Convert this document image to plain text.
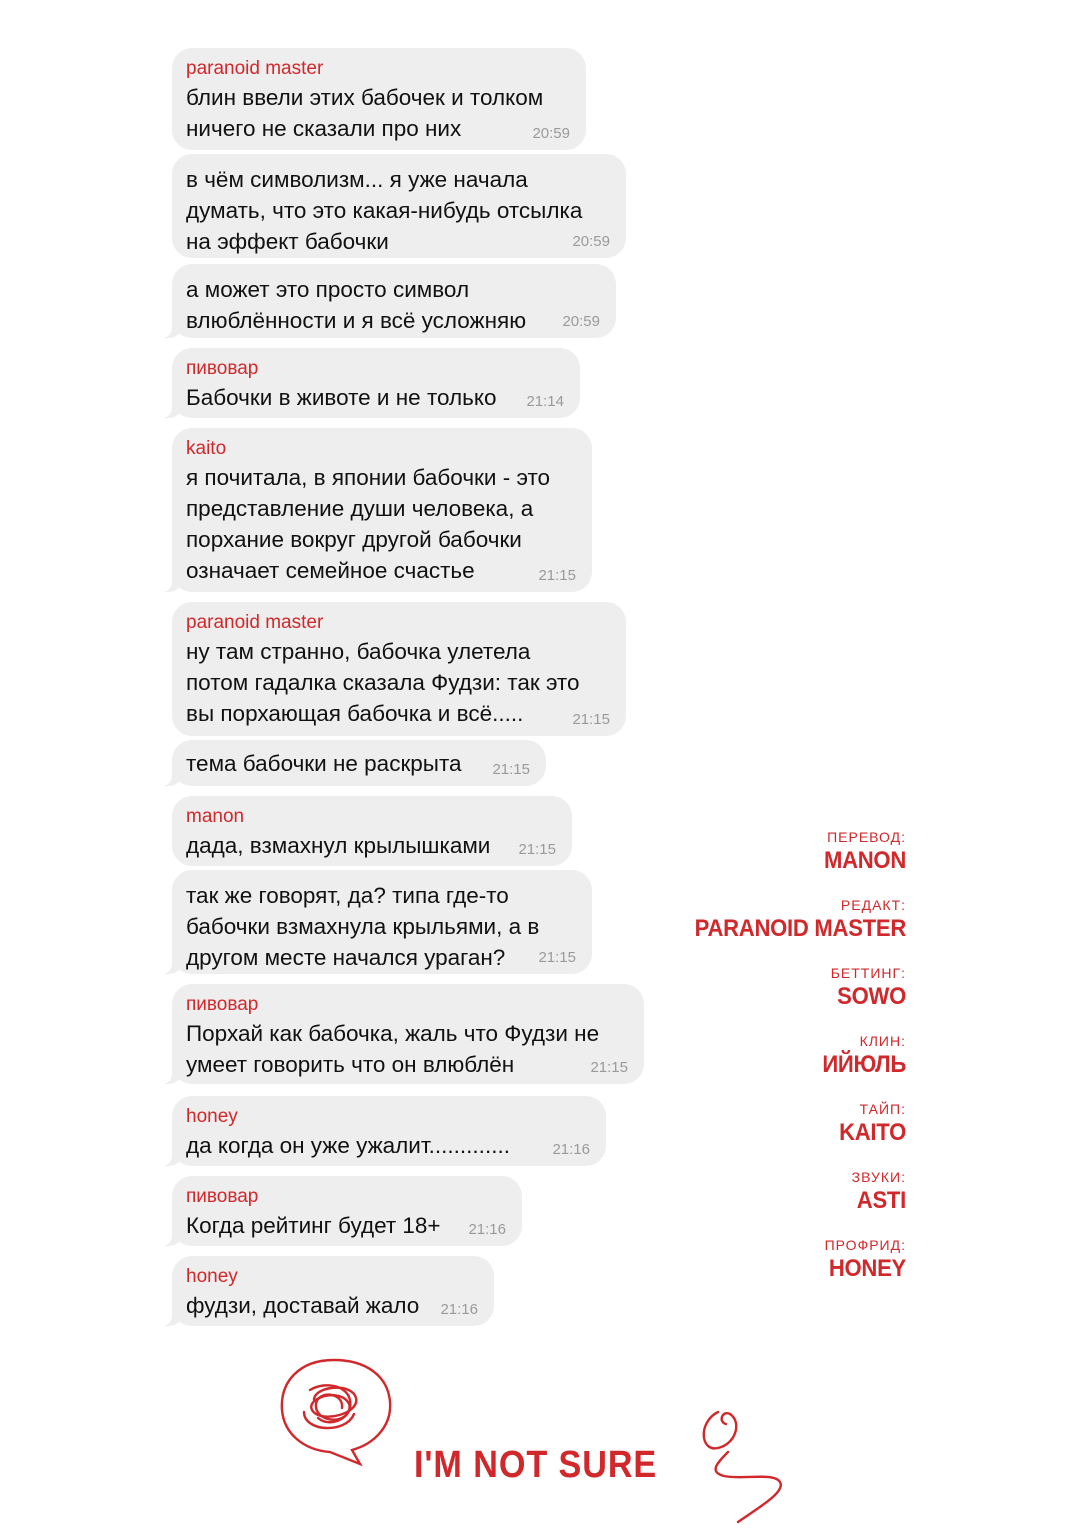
paranoid master
блин ввели этих бабочек и толком
ничего не сказали про них	20:59
в чём символизм... я уже начала
думать, что это какая-нибудь отсылка
на эффект бабочки	20:59
а может это просто символ
влюблённости и я всё усложняю	20:59
пивовар
Бабочки в животе и не только	21:14
kaito
я почитала, в японии бабочки - это
представление души человека, а
порхание вокруг другой бабочки
означает семейное счастье	21:15
paranoid master
ну там странно, бабочка улетела
потом гадалка сказала Фудзи: так это
вы порхающая бабочка и всё.....	21:15
тема бабочки не раскрыта	21:15
manon
дада, взмахнул крылышками	21:15
так же говорят, да? типа где-то
бабочки взмахнула крыльями, а в
другом месте начался ураган?	21:15
пивовар
Порхай как бабочка, жаль что Фудзи не
умеет говорить что он влюблён	21:15
honey
да когда он уже ужалит.............	21:16
пивовар
Когда рейтинг будет 18+	21:16
honey
фудзи, доставай жало	21:16
ПЕРЕВОД:
MANON
РЕДАКТ:
PARANOID MASTER
БЕТТИНГ:
SOWO
КЛИН:
ИЙЮЛЬ
ТАЙП:
KAITO
ЗВУКИ:
ASTI
ПРОФРИД:
HONEY
I'M NOT SURE
